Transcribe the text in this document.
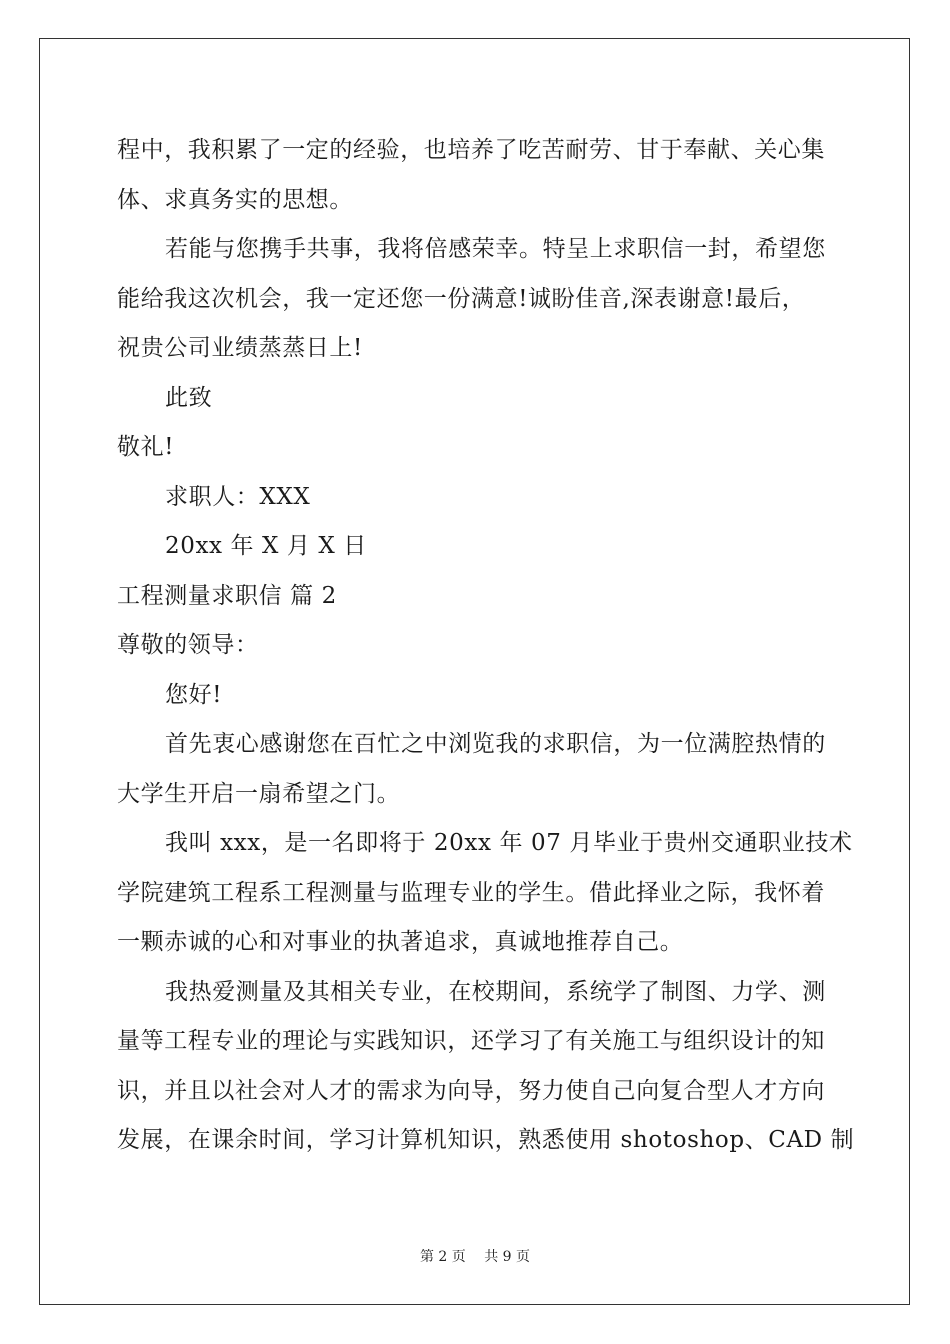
程中，我积累了一定的经验，也培养了吃苦耐劳、甘于奉献、关心集
体、求真务实的思想。
若能与您携手共事，我将倍感荣幸。特呈上求职信一封，希望您
能给我这次机会，我一定还您一份满意!诚盼佳音,深表谢意!最后，
祝贵公司业绩蒸蒸日上!
此致
敬礼!
求职人：XXX
20xx 年 X 月 X 日
工程测量求职信 篇 2
尊敬的领导：
您好!
首先衷心感谢您在百忙之中浏览我的求职信，为一位满腔热情的
大学生开启一扇希望之门。
我叫 xxx，是一名即将于 20xx 年 07 月毕业于贵州交通职业技术
学院建筑工程系工程测量与监理专业的学生。借此择业之际，我怀着
一颗赤诚的心和对事业的执著追求，真诚地推荐自己。
我热爱测量及其相关专业，在校期间，系统学了制图、力学、测
量等工程专业的理论与实践知识，还学习了有关施工与组织设计的知
识，并且以社会对人才的需求为向导，努力使自己向复合型人才方向
发展，在课余时间，学习计算机知识，熟悉使用 shotoshop、CAD 制
第 2 页 共 9 页
